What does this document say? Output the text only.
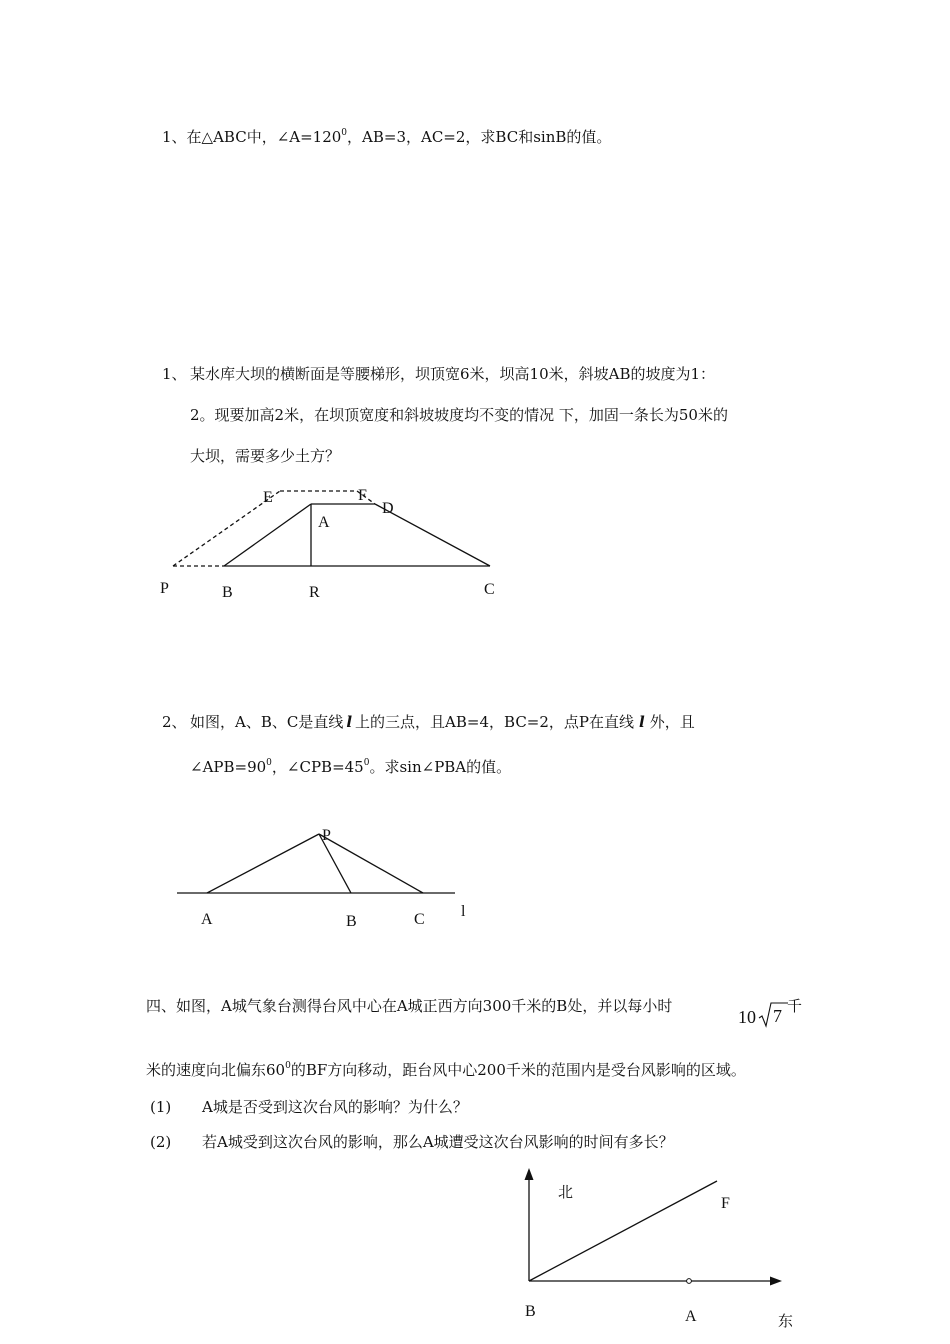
1、在△ABC中，$\angle A=120^0$，AB=3，AC=2，求BC和sinB的值。
1、 某水库大坝的横断面是等腰梯形，坝顶宽6米，坝高10米，斜坡AB的坡度为1：
2。现要加高2米，在坝顶宽度和斜坡坡度均不变的情况 下，加固一条长为50米的
大坝，需要多少土方？
E	F
D
A
P	B	R	C
2、 如图，A、B、C是直线 l 上的三点，且AB=4，BC=2，点P在直线 l 外，且
$\angle APB=90^0$，$\angle CPB=45^0$。求sin∠PBA的值。
P
A	B	C l
四、如图，A城气象台测得台风中心在A城正西方向300千米的B处，并以每小时
10 7 千
米的速度向北偏东$60^0$的BF方向移动，距台风中心200千米的范围内是受台风影响的区域。
(1) A城是否受到这次台风的影响？为什么？
(2) 若A城受到这次台风的影响，那么A城遭受这次台风影响的时间有多长？
北
F
B	A	东
